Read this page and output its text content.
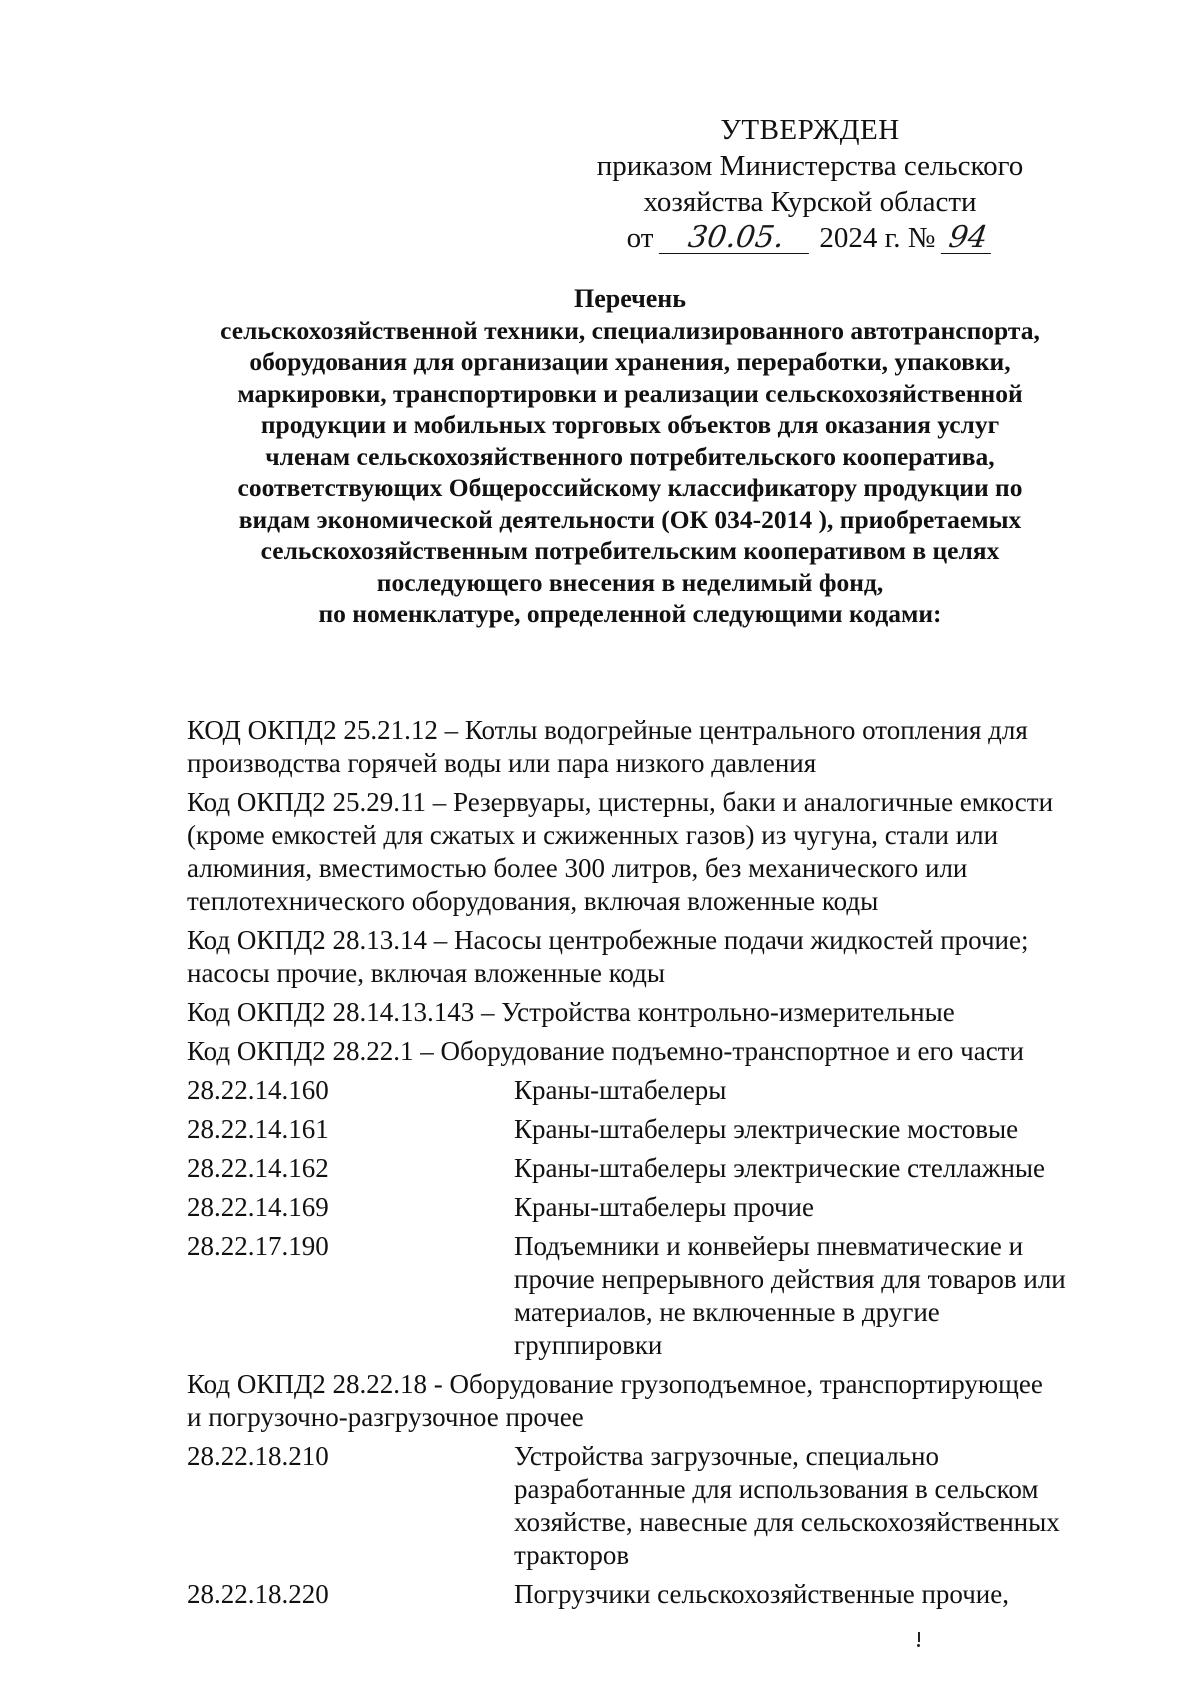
УТВЕРЖДЕН
приказом Министерства сельского
хозяйства Курской области
от	30.05.	2024 г. № 94
Перечень
сельскохозяйственной техники, специализированного автотранспорта,
оборудования для организации хранения, переработки, упаковки,
маркировки, транспортировки и реализации сельскохозяйственной
продукции и мобильных торговых объектов для оказания услуг
членам сельскохозяйственного потребительского кооператива,
соответствующих Общероссийскому классификатору продукции по
видам экономической деятельности (ОК 034-2014 ), приобретаемых
сельскохозяйственным потребительским кооперативом в целях
последующего внесения в неделимый фонд,
по номенклатуре, определенной следующими кодами:

КОД ОКПД2 25.21.12 – Котлы водогрейные центрального отопления для
производства горячей воды или пара низкого давления

Код ОКПД2 25.29.11 – Резервуары, цистерны, баки и аналогичные емкости
(кроме емкостей для сжатых и сжиженных газов) из чугуна, стали или
алюминия, вместимостью более 300 литров, без механического или
теплотехнического оборудования, включая вложенные коды

Код ОКПД2 28.13.14 – Насосы центробежные подачи жидкостей прочие;
насосы прочие, включая вложенные коды

Код ОКПД2 28.14.13.143 – Устройства контрольно-измерительные

Код ОКПД2 28.22.1 – Оборудование подъемно-транспортное и его части

28.22.14.160	Краны-штабелеры
28.22.14.161	Краны-штабелеры электрические мостовые
28.22.14.162	Краны-штабелеры электрические стеллажные
28.22.14.169	Краны-штабелеры прочие
28.22.17.190	Подъемники и конвейеры пневматические и
прочие непрерывного действия для товаров или
материалов, не включенные в другие
группировки

Код ОКПД2 28.22.18 - Оборудование грузоподъемное, транспортирующее
и погрузочно-разгрузочное прочее

28.22.18.210	Устройства загрузочные, специально
разработанные для использования в сельском
хозяйстве, навесные для сельскохозяйственных
тракторов
28.22.18.220	Погрузчики сельскохозяйственные прочие,
